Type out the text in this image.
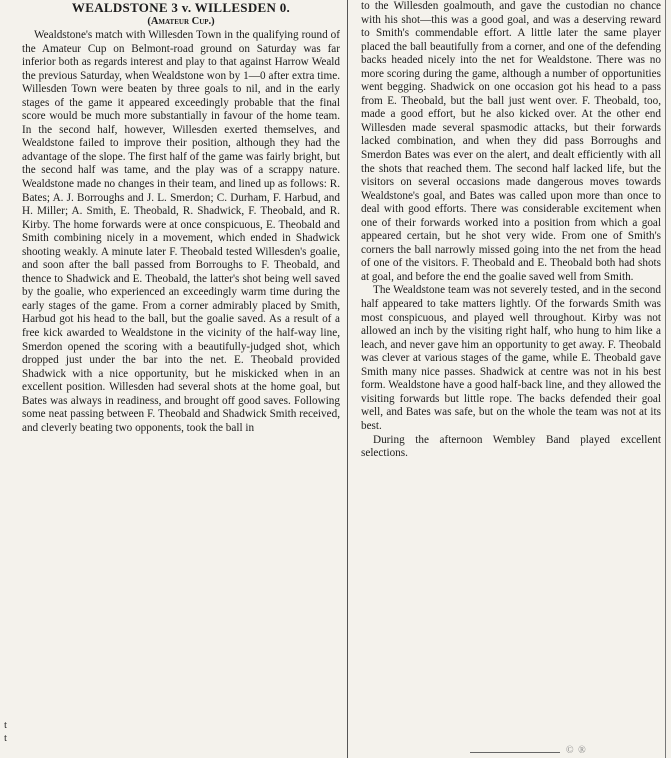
t
t
WEALDSTONE 3 v. WILLESDEN 0.
(Amateur Cup.)

Wealdstone's match with Willesden Town in the qualifying round of the Amateur Cup on Belmont-road ground on Saturday was far inferior both as regards interest and play to that against Harrow Weald the previous Saturday, when Wealdstone won by 1—0 after extra time. Willesden Town were beaten by three goals to nil, and in the early stages of the game it appeared exceedingly probable that the final score would be much more substantially in favour of the home team. In the second half, however, Willesden exerted themselves, and Wealdstone failed to improve their position, although they had the advantage of the slope. The first half of the game was fairly bright, but the second half was tame, and the play was of a scrappy nature. Wealdstone made no changes in their team, and lined up as follows: R. Bates; A. J. Borroughs and J. L. Smerdon; C. Durham, F. Harbud, and H. Miller; A. Smith, E. Theobald, R. Shadwick, F. Theobald, and R. Kirby. The home forwards were at once conspicuous, E. Theobald and Smith combining nicely in a movement, which ended in Shadwick shooting weakly. A minute later F. Theobald tested Willesden's goalie, and soon after the ball passed from Borroughs to F. Theobald, and thence to Shadwick and E. Theobald, the latter's shot being well saved by the goalie, who experienced an exceedingly warm time during the early stages of the game. From a corner admirably placed by Smith, Harbud got his head to the ball, but the goalie saved. As a result of a free kick awarded to Wealdstone in the vicinity of the half-way line, Smerdon opened the scoring with a beautifully-judged shot, which dropped just under the bar into the net. E. Theobald provided Shadwick with a nice opportunity, but he miskicked when in an excellent position. Willesden had several shots at the home goal, but Bates was always in readiness, and brought off good saves. Following some neat passing between F. Theobald and Shadwick Smith received, and cleverly beating two opponents, took the ball in

to the Willesden goalmouth, and gave the custodian no chance with his shot—this was a good goal, and was a deserving reward to Smith's commendable effort. A little later the same player placed the ball beautifully from a corner, and one of the defending backs headed nicely into the net for Wealdstone. There was no more scoring during the game, although a number of opportunities went begging. Shadwick on one occasion got his head to a pass from E. Theobald, but the ball just went over. F. Theobald, too, made a good effort, but he also kicked over. At the other end Willesden made several spasmodic attacks, but their forwards lacked combination, and when they did pass Borroughs and Smerdon Bates was ever on the alert, and dealt efficiently with all the shots that reached them. The second half lacked life, but the visitors on several occasions made dangerous moves towards Wealdstone's goal, and Bates was called upon more than once to deal with good efforts. There was considerable excitement when one of their forwards worked into a position from which a goal appeared certain, but he shot very wide. From one of Smith's corners the ball narrowly missed going into the net from the head of one of the visitors. F. Theobald and E. Theobald both had shots at goal, and before the end the goalie saved well from Smith.

The Wealdstone team was not severely tested, and in the second half appeared to take matters lightly. Of the forwards Smith was most conspicuous, and played well throughout. Kirby was not allowed an inch by the visiting right half, who hung to him like a leach, and never gave him an opportunity to get away. F. Theobald was clever at various stages of the game, while E. Theobald gave Smith many nice passes. Shadwick at centre was not in his best form. Wealdstone have a good half-back line, and they allowed the visiting forwards but little rope. The backs defended their goal well, and Bates was safe, but on the whole the team was not at its best.

During the afternoon Wembley Band played excellent selections.

© ®
